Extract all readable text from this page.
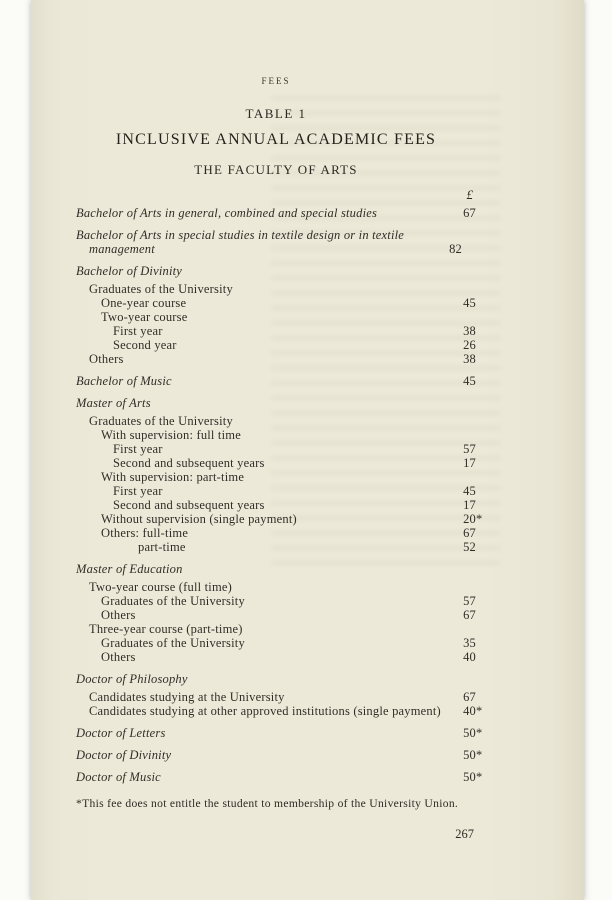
FEES
TABLE 1
INCLUSIVE ANNUAL ACADEMIC FEES
THE FACULTY OF ARTS
£
Bachelor of Arts in general, combined and special studies	67
Bachelor of Arts in special studies in textile design or in textile management	82
Bachelor of Divinity
Graduates of the University
One-year course	45
Two-year course
First year	38
Second year	26
Others	38
Bachelor of Music	45
Master of Arts
Graduates of the University
With supervision: full time
First year	57
Second and subsequent years	17
With supervision: part-time
First year	45
Second and subsequent years	17
Without supervision (single payment)	20 *
Others: full-time	67
part-time	52
Master of Education
Two-year course (full time)
Graduates of the University	57
Others	67
Three-year course (part-time)
Graduates of the University	35
Others	40
Doctor of Philosophy
Candidates studying at the University	67
Candidates studying at other approved institutions (single payment)	40 *
Doctor of Letters	50 *
Doctor of Divinity	50 *
Doctor of Music	50 *
*This fee does not entitle the student to membership of the University Union.
267
